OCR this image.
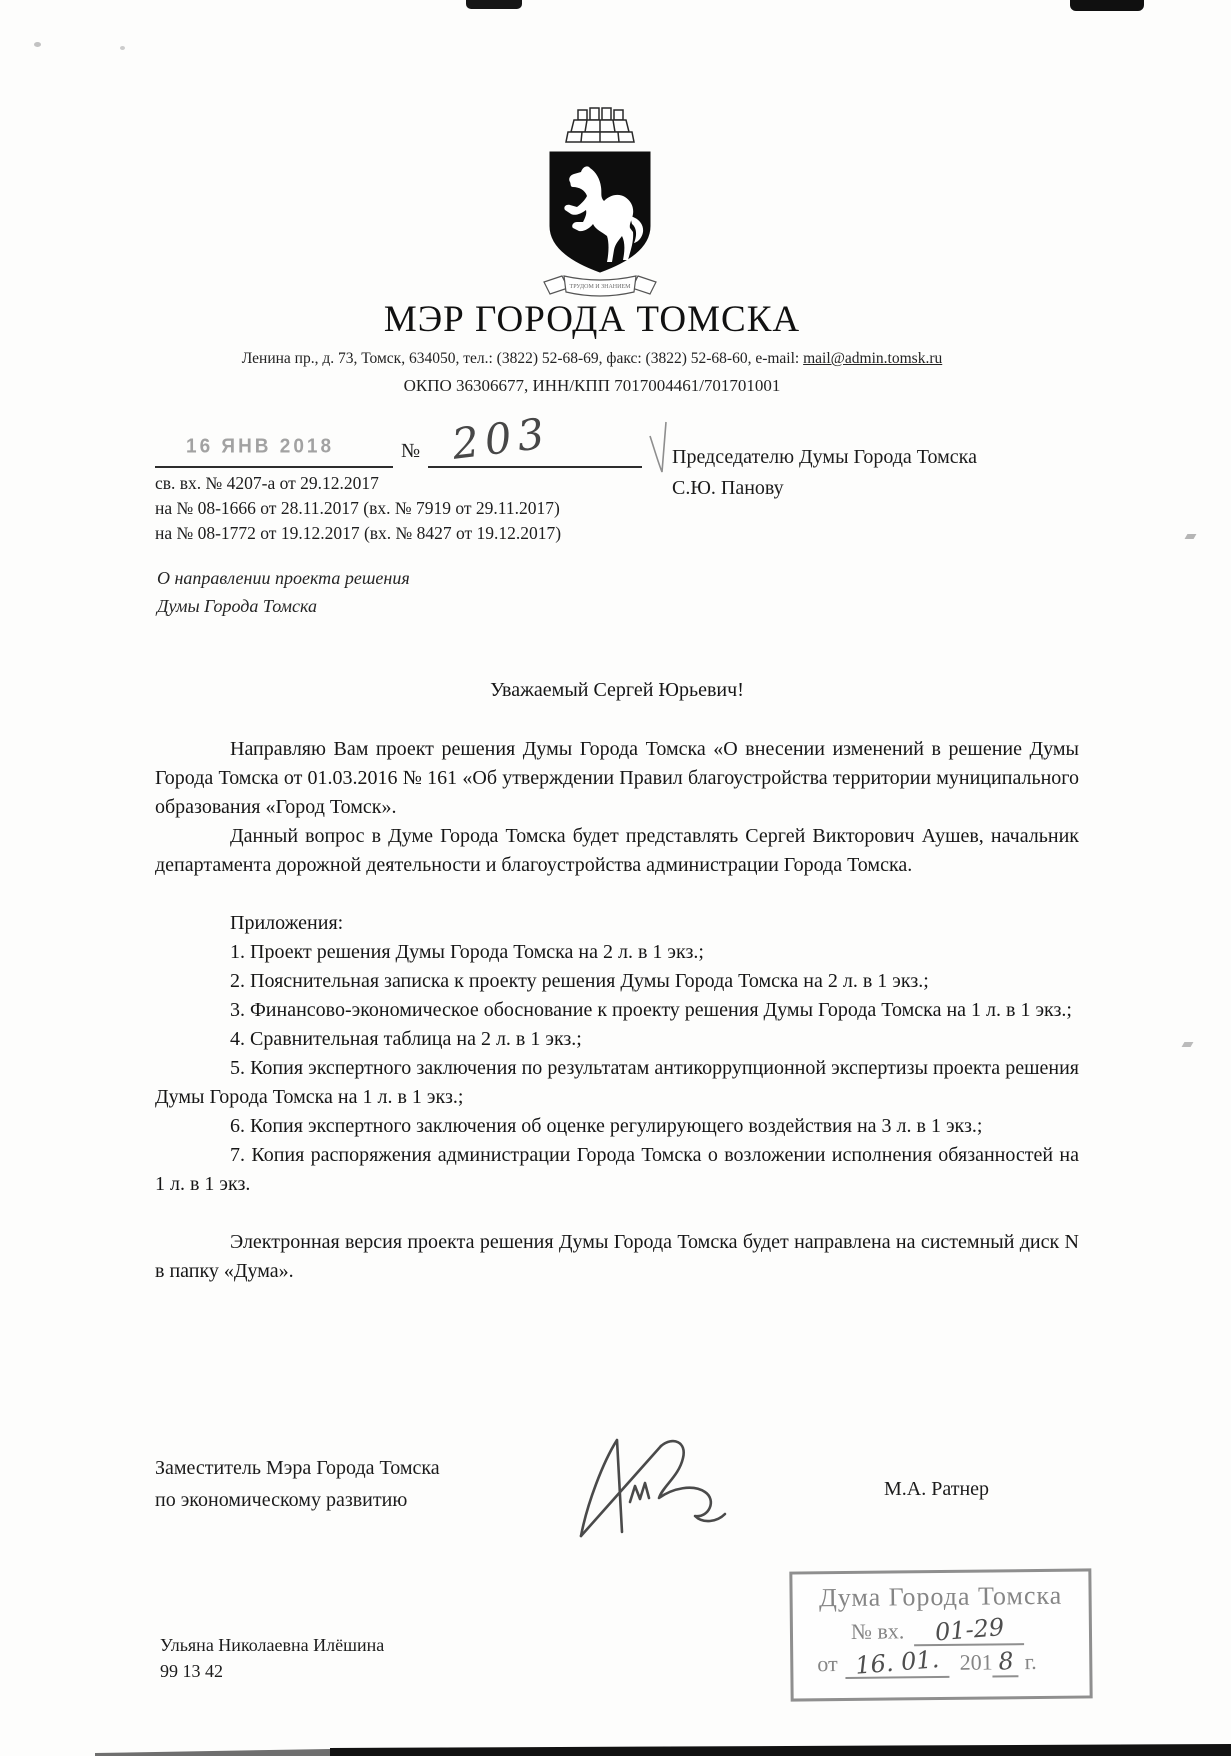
ТРУДОМ И ЗНАНИЕМ
МЭР ГОРОДА ТОМСКА
Ленина пр., д. 73, Томск, 634050, тел.: (3822) 52-68-69, факс: (3822) 52-68-60, e-mail: mail@admin.tomsk.ru
ОКПО 36306677, ИНН/КПП 7017004461/701701001
16 ЯНВ 2018	№ 203
св. вх. № 4207-а от 29.12.2017
на № 08-1666 от 28.11.2017 (вх. № 7919 от 29.11.2017)
на № 08-1772 от 19.12.2017 (вх. № 8427 от 19.12.2017)
Председателю Думы Города Томска
С.Ю. Панову
О направлении проекта решения
Думы Города Томска
Уважаемый Сергей Юрьевич!

Направляю Вам проект решения Думы Города Томска «О внесении изменений в решение Думы Города Томска от 01.03.2016 № 161 «Об утверждении Правил благоустройства территории муниципального образования «Город Томск».

Данный вопрос в Думе Города Томска будет представлять Сергей Викторович Аушев, начальник департамента дорожной деятельности и благоустройства администрации Города Томска.

Приложения:

1. Проект решения Думы Города Томска на 2 л. в 1 экз.;

2. Пояснительная записка к проекту решения Думы Города Томска на 2 л. в 1 экз.;

3. Финансово-экономическое обоснование к проекту решения Думы Города Томска на 1 л. в 1 экз.;

4. Сравнительная таблица на 2 л. в 1 экз.;

5. Копия экспертного заключения по результатам антикоррупционной экспертизы проекта решения Думы Города Томска на 1 л. в 1 экз.;

6. Копия экспертного заключения об оценке регулирующего воздействия на 3 л. в 1 экз.;

7. Копия распоряжения администрации Города Томска о возложении исполнения обязанностей на 1 л. в 1 экз.

Электронная версия проекта решения Думы Города Томска будет направлена на системный диск N в папку «Дума».

Заместитель Мэра Города Томска
по экономическому развитию	М.А. Ратнер
Дума Города Томска
№ вх.	01-29
от 16. 01. 201 8 г.
Ульяна Николаевна Илёшина
99 13 42
